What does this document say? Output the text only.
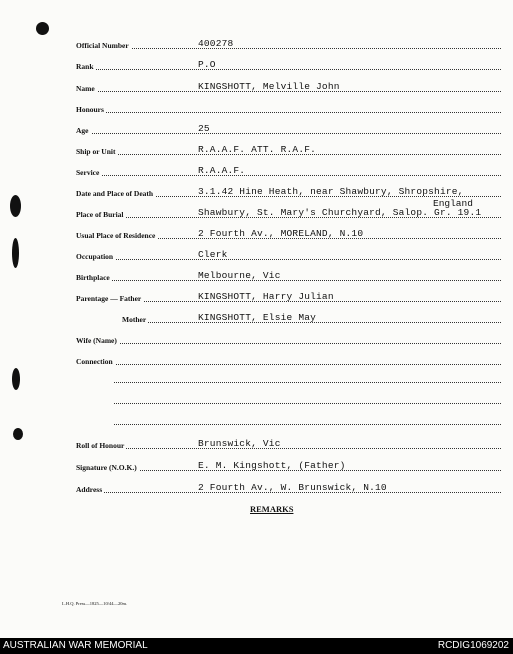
Official Number	400278
Rank	P.O
Name	KINGSHOTT, Melville John
Honours
Age	25
Ship or Unit	R.A.A.F. ATT. R.A.F.
Service	R.A.A.F.
Date and Place of Death	3.1.42 Hine Heath, near Shawbury, Shropshire,
England
Place of Burial	Shawbury, St. Mary's Churchyard, Salop. Gr. 19.1
Usual Place of Residence	2 Fourth Av., MORELAND, N.10
Occupation	Clerk
Birthplace	Melbourne, Vic
Parentage — Father	KINGSHOTT, Harry Julian
Mother	KINGSHOTT, Elsie May
Wife (Name)
Connection
Roll of Honour	Brunswick, Vic
Signature (N.O.K.)	E. M. Kingshott, (Father)
Address	2 Fourth Av., W. Brunswick, N.10
REMARKS
L.H.Q. Press—1825—10/44—20m.
AUSTRALIAN WAR MEMORIAL	RCDIG1069202
